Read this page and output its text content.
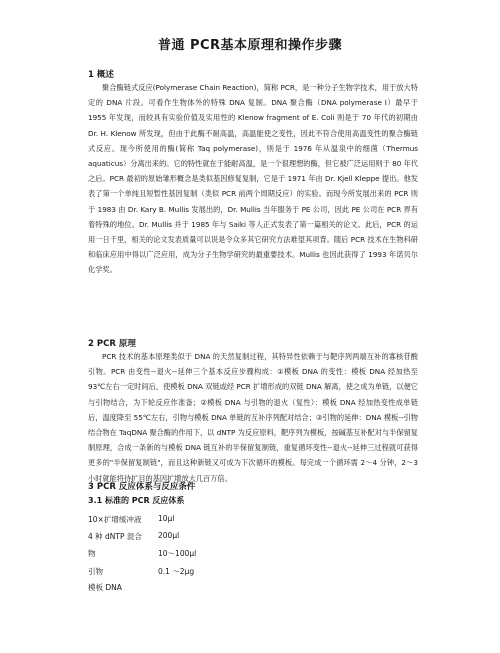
普通 PCR基本原理和操作步骤
1 概述

聚合酶链式反应(Polymerase Chain Reaction)，简称 PCR，是一种分子生物学技术，用于放大特定的 DNA 片段。可看作生物体外的特殊 DNA 复制。DNA 聚合酶（DNA polymerase I）最早于 1955 年发现，而较具有实验价值及实用性的 Klenow fragment of E. Coli 则是于 70 年代的初期由 Dr. H. Klenow 所发现，但由于此酶不耐高温，高温能使之变性，因此不符合使用高温变性的聚合酶链式反应。现今所使用的酶(简称 Taq polymerase)，则是于 1976 年从温泉中的细菌（Thermus aquaticus）分离出来的。它的特性就在于能耐高温，是一个很理想的酶，但它被广泛运用则于 80 年代之后。PCR 最初的原始雏形概念是类似基因修复复制，它是于 1971 年由 Dr. Kjell Kleppe 提出。他发表了第一个单纯且短暂性基因复制（类似 PCR 前两个周期反应）的实验。而现今所发展出来的 PCR 则于 1983 由 Dr. Kary B. Mullis 发展出的，Dr. Mullis 当年服务于 PE 公司，因此 PE 公司在 PCR 界有着特殊的地位。Dr. Mullis 并于 1985 年与 Saiki 等人正式发表了第一篇相关的论文。此后，PCR 的运用一日千里，相关的论文发表质量可以说是令众多其它研究方法难望其项背。随后 PCR 技术在生物科研和临床应用中得以广泛应用，成为分子生物学研究的最重要技术。Mullis 也因此获得了 1993 年诺贝尔化学奖。

2 PCR 原理

PCR 技术的基本原理类似于 DNA 的天然复制过程，其特异性依赖于与靶序列两端互补的寡核苷酸引物。PCR 由变性--退火--延伸三个基本反应步骤构成：①模板 DNA 的变性：模板 DNA 经加热至 93℃左右一定时间后，使模板 DNA 双链或经 PCR 扩增形成的双链 DNA 解离，使之成为单链，以便它与引物结合，为下轮反应作准备；②模板 DNA 与引物的退火（复性）：模板 DNA 经加热变性成单链后，温度降至 55℃左右，引物与模板 DNA 单链的互补序列配对结合；③引物的延伸：DNA 模板--引物结合物在 TaqDNA 聚合酶的作用下，以 dNTP 为反应原料，靶序列为模板，按碱基互补配对与半保留复制原理，合成一条新的与模板 DNA 链互补的半保留复制链，重复循环变性--退火--延伸三过程就可获得更多的"半保留复制链"，而且这种新链又可成为下次循环的模板。每完成一个循环需 2～4 分钟，2～3 小时就能将待扩目的基因扩增放大几百万倍。

3 PCR 反应体系与反应条件
3.1 标准的 PCR 反应体系
10×扩增缓冲液 10μl
4 种 dNTP 混合 200μl
物	10～100μl
引物	0.1 ～2μg
模板 DNA
